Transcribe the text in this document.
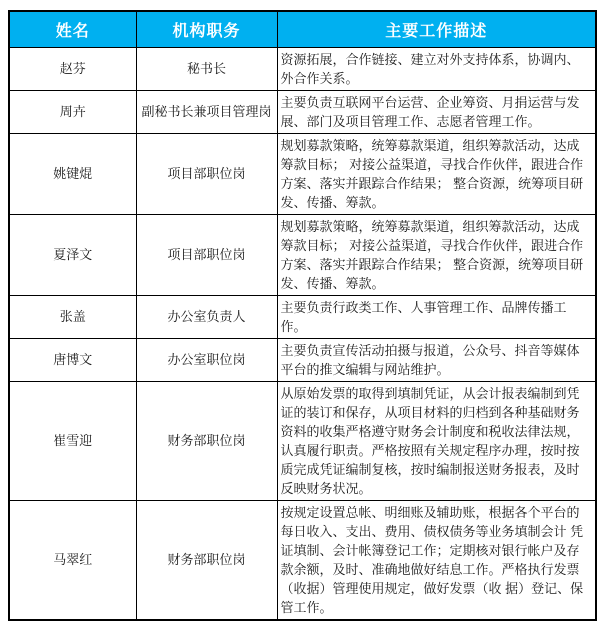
姓名	机构职务	主要工作描述
赵芬	秘书长	资源拓展，合作链接、建立对外支持体系，协调内、外合作关系。
周卉	副秘书长兼项目管理岗	主要负责互联网平台运营、企业筹资、月捐运营与发展、部门及项目管理工作、志愿者管理工作。
姚键焜	项目部职位岗	规划募款策略，统筹募款渠道，组织筹款活动，达成筹款目标； 对接公益渠道，寻找合作伙伴，跟进合作方案、落实并跟踪合作结果； 整合资源，统筹项目研发、传播、筹款。
夏泽文	项目部职位岗	规划募款策略，统筹募款渠道，组织筹款活动，达成筹款目标； 对接公益渠道，寻找合作伙伴，跟进合作方案、落实并跟踪合作结果； 整合资源，统筹项目研发、传播、筹款。
张盖	办公室负责人	主要负责行政类工作、人事管理工作、品牌传播工作。
唐博文	办公室职位岗	主要负责宣传活动拍摄与报道，公众号、抖音等媒体平台的推文编辑与网站维护。
崔雪迎	财务部职位岗	从原始发票的取得到填制凭证，从会计报表编制到凭证的装订和保存，从项目材料的归档到各种基础财务资料的收集严格遵守财务会计制度和税收法律法规，认真履行职责。严格按照有关规定程序办理，按时按质完成凭证编制复核，按时编制报送财务报表，及时反映财务状况。
马翠红	财务部职位岗	按规定设置总帐、明细账及辅助账，根据各个平台的每日收入、支出、费用、债权债务等业务填制会计 凭证填制、会计帐簿登记工作；定期核对银行帐户及存款余额，及时、准确地做好结息工作。严格执行发票（收据）管理使用规定，做好发票（收 据）登记、保管工作。
